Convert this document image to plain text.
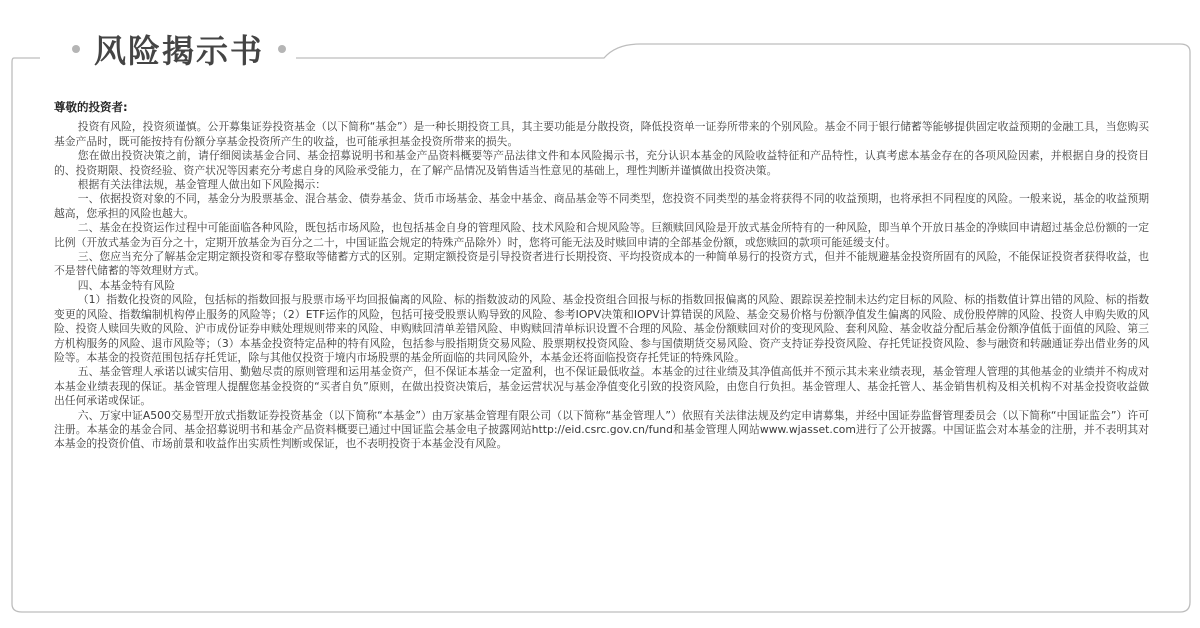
风险揭示书

尊敬的投资者:

投资有风险，投资须谨慎。公开募集证券投资基金（以下简称“基金”）是一种长期投资工具，其主要功能是分散投资，降低投资单一证券所带来的个别风险。基金不同于银行储蓄等能够提供固定收益预期的金融工具，当您购买基金产品时，既可能按持有份额分享基金投资所产生的收益，也可能承担基金投资所带来的损失。

您在做出投资决策之前，请仔细阅读基金合同、基金招募说明书和基金产品资料概要等产品法律文件和本风险揭示书，充分认识本基金的风险收益特征和产品特性，认真考虑本基金存在的各项风险因素，并根据自身的投资目的、投资期限、投资经验、资产状况等因素充分考虑自身的风险承受能力，在了解产品情况及销售适当性意见的基础上，理性判断并谨慎做出投资决策。

根据有关法律法规，基金管理人做出如下风险揭示：

一、依据投资对象的不同，基金分为股票基金、混合基金、债券基金、货币市场基金、基金中基金、商品基金等不同类型，您投资不同类型的基金将获得不同的收益预期，也将承担不同程度的风险。一般来说，基金的收益预期越高，您承担的风险也越大。

二、基金在投资运作过程中可能面临各种风险，既包括市场风险，也包括基金自身的管理风险、技术风险和合规风险等。巨额赎回风险是开放式基金所特有的一种风险，即当单个开放日基金的净赎回申请超过基金总份额的一定比例（开放式基金为百分之十，定期开放基金为百分之二十，中国证监会规定的特殊产品除外）时，您将可能无法及时赎回申请的全部基金份额，或您赎回的款项可能延缓支付。

三、您应当充分了解基金定期定额投资和零存整取等储蓄方式的区别。定期定额投资是引导投资者进行长期投资、平均投资成本的一种简单易行的投资方式，但并不能规避基金投资所固有的风险，不能保证投资者获得收益，也不是替代储蓄的等效理财方式。

四、本基金特有风险

（1）指数化投资的风险，包括标的指数回报与股票市场平均回报偏离的风险、标的指数波动的风险、基金投资组合回报与标的指数回报偏离的风险、跟踪误差控制未达约定目标的风险、标的指数值计算出错的风险、标的指数变更的风险、指数编制机构停止服务的风险等；（2）ETF运作的风险，包括可接受股票认购导致的风险、参考IOPV决策和IOPV计算错误的风险、基金交易价格与份额净值发生偏离的风险、成份股停牌的风险、投资人申购失败的风险、投资人赎回失败的风险、沪市成份证券申赎处理规则带来的风险、申购赎回清单差错风险、申购赎回清单标识设置不合理的风险、基金份额赎回对价的变现风险、套利风险、基金收益分配后基金份额净值低于面值的风险、第三方机构服务的风险、退市风险等；（3）本基金投资特定品种的特有风险，包括参与股指期货交易风险、股票期权投资风险、参与国债期货交易风险、资产支持证券投资风险、存托凭证投资风险、参与融资和转融通证券出借业务的风险等。本基金的投资范围包括存托凭证，除与其他仅投资于境内市场股票的基金所面临的共同风险外，本基金还将面临投资存托凭证的特殊风险。

五、基金管理人承诺以诚实信用、勤勉尽责的原则管理和运用基金资产，但不保证本基金一定盈利，也不保证最低收益。本基金的过往业绩及其净值高低并不预示其未来业绩表现，基金管理人管理的其他基金的业绩并不构成对本基金业绩表现的保证。基金管理人提醒您基金投资的“买者自负”原则，在做出投资决策后，基金运营状况与基金净值变化引致的投资风险，由您自行负担。基金管理人、基金托管人、基金销售机构及相关机构不对基金投资收益做出任何承诺或保证。

六、万家中证A500交易型开放式指数证券投资基金（以下简称“本基金”）由万家基金管理有限公司（以下简称“基金管理人”）依照有关法律法规及约定申请募集，并经中国证券监督管理委员会（以下简称“中国证监会”）许可注册。本基金的基金合同、基金招募说明书和基金产品资料概要已通过中国证监会基金电子披露网站http://eid.csrc.gov.cn/fund和基金管理人网站www.wjasset.com进行了公开披露。中国证监会对本基金的注册，并不表明其对本基金的投资价值、市场前景和收益作出实质性判断或保证，也不表明投资于本基金没有风险。
